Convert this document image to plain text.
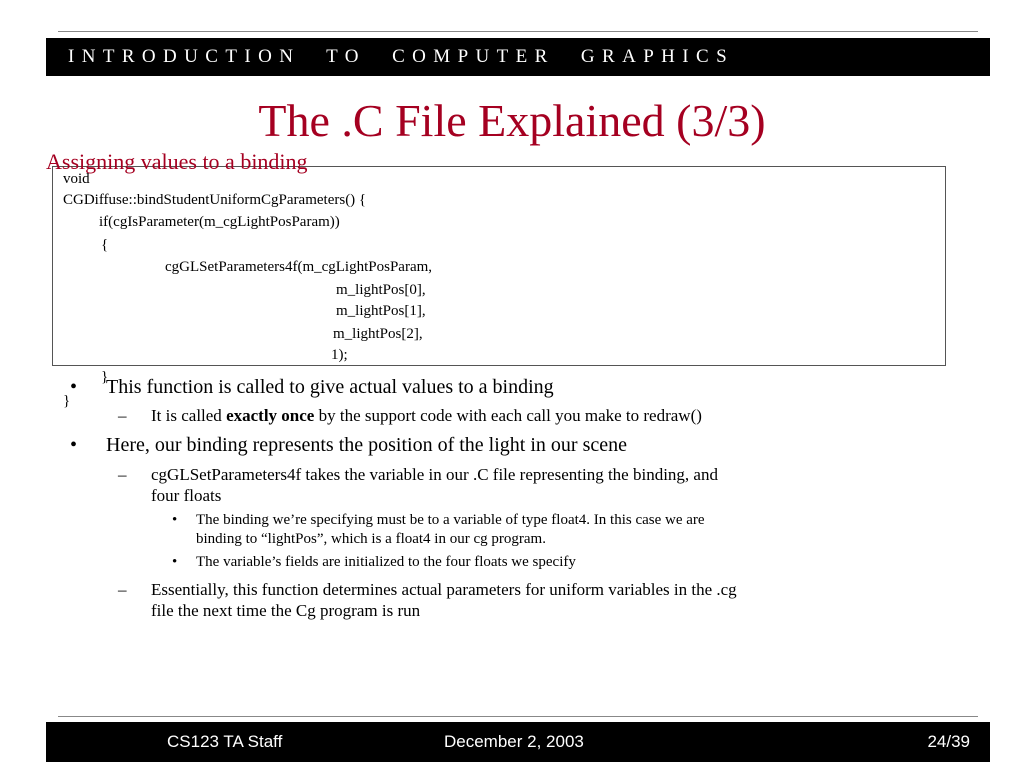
INTRODUCTION TO COMPUTER GRAPHICS
The .C File Explained (3/3)
Assigning values to a binding
void
CGDiffuse::bindStudentUniformCgParameters() {
if(cgIsParameter(m_cgLightPosParam))
{
cgGLSetParameters4f(m_cgLightPosParam,
m_lightPos[0],
m_lightPos[1],
m_lightPos[2],
1);
}
}
• This function is called to give actual values to a binding
– It is called exactly once by the support code with each call you make to redraw()
• Here, our binding represents the position of the light in our scene
– cgGLSetParameters4f takes the variable in our .C file representing the binding, and
four floats
• The binding we’re specifying must be to a variable of type float4. In this case we are
binding to “lightPos”, which is a float4 in our cg program.
• The variable’s fields are initialized to the four floats we specify
– Essentially, this function determines actual parameters for uniform variables in the .cg
file the next time the Cg program is run
CS123 TA Staff	December 2, 2003	24/39
